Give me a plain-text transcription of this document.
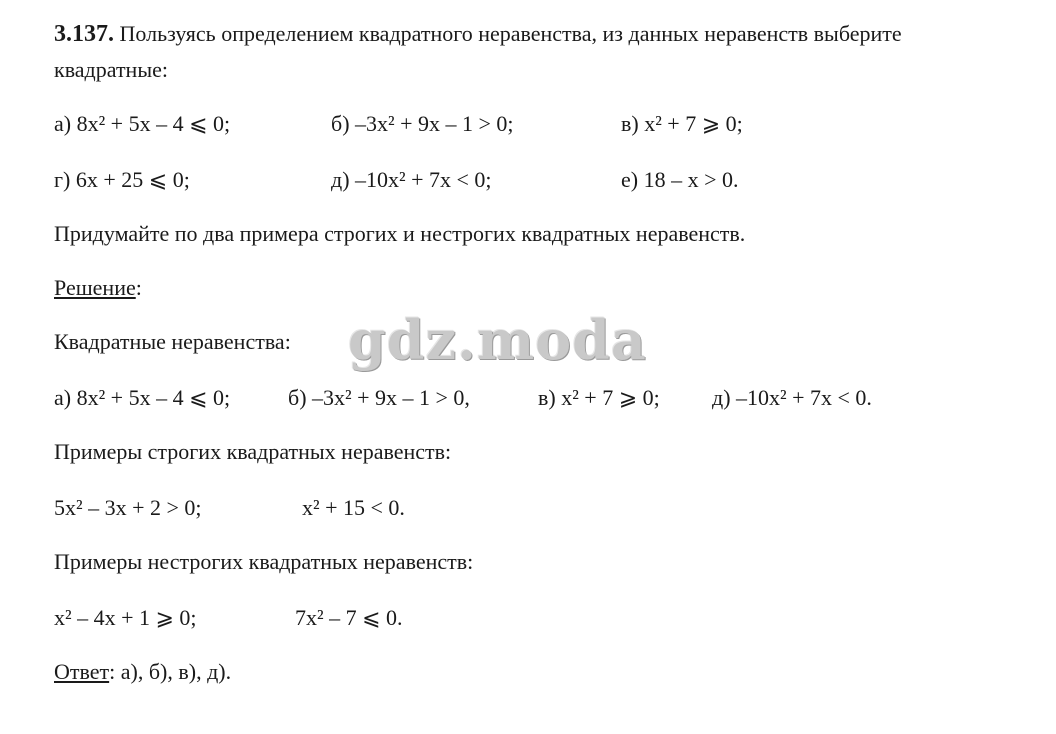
3.137. Пользуясь определением квадратного неравенства, из данных неравенств выберите
квадратные:
а) 8x² + 5x – 4 ⩽ 0;	б) –3x² + 9x – 1 > 0;	в) x² + 7 ⩾ 0;
г) 6x + 25 ⩽ 0;	д) –10x² + 7x < 0;	е) 18 – x > 0.
Придумайте по два примера строгих и нестрогих квадратных неравенств.
Решение:
Квадратные неравенства:
а) 8x² + 5x – 4 ⩽ 0;	б) –3x² + 9x – 1 > 0,	в) x² + 7 ⩾ 0; д) –10x² + 7x < 0.
Примеры строгих квадратных неравенств:
5x² – 3x + 2 > 0;	x² + 15 < 0.
Примеры нестрогих квадратных неравенств:
x² – 4x + 1 ⩾ 0;	7x² – 7 ⩽ 0.
Ответ: а), б), в), д).
gdz.moda
